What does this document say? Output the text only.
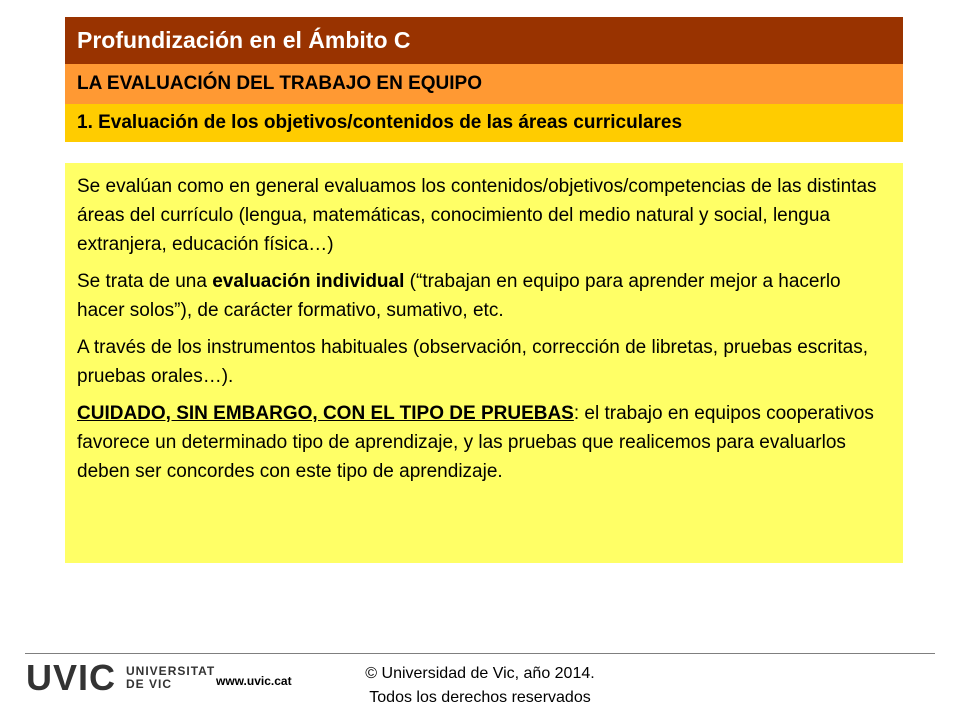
Profundización en el Ámbito C
LA EVALUACIÓN DEL TRABAJO EN EQUIPO
1. Evaluación de los objetivos/contenidos de las áreas curriculares

Se evalúan como en general evaluamos los contenidos/objetivos/competencias de las distintas áreas del currículo (lengua, matemáticas, conocimiento del medio natural y social, lengua extranjera, educación física…)

Se trata de una evaluación individual (“trabajan en equipo para aprender mejor a hacerlo hacer solos”), de carácter formativo, sumativo, etc.

A través de los instrumentos habituales (observación, corrección de libretas, pruebas escritas, pruebas orales…).

CUIDADO, SIN EMBARGO, CON EL TIPO DE PRUEBAS: el trabajo en equipos cooperativos favorece un determinado tipo de aprendizaje, y las pruebas que realicemos para evaluarlos deben ser concordes con este tipo de aprendizaje.

UVIC UNIVERSITAT
DE VIC	www.uvic.cat	© Universidad de Vic, año 2014.
Todos los derechos reservados
